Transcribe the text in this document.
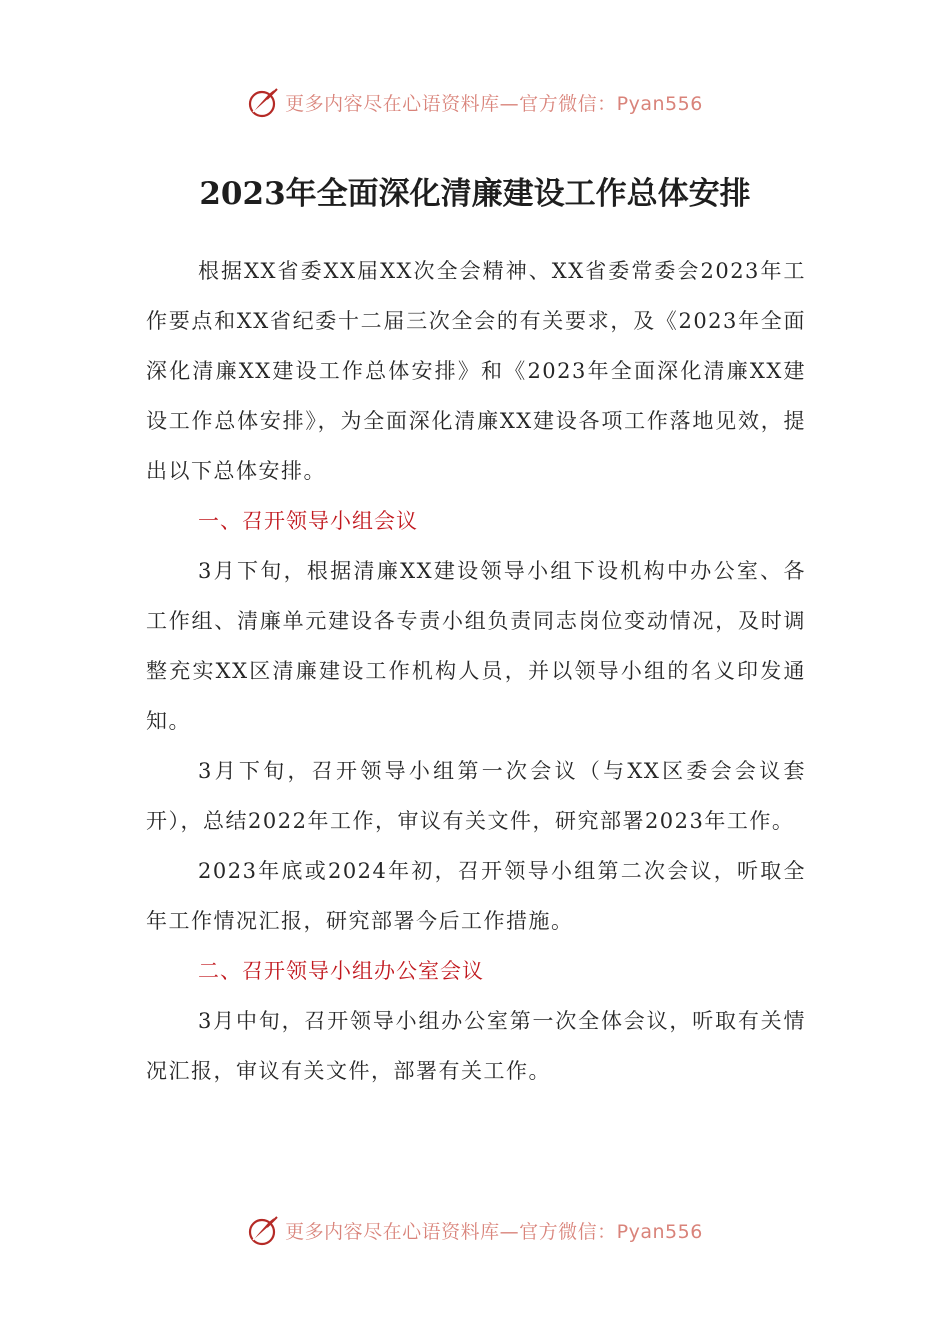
更多内容尽在心语资料库—官方微信：Pyan556
2023年全面深化清廉建设工作总体安排

根据XX省委XX届XX次全会精神、XX省委常委会2023年工作要点和XX省纪委十二届三次全会的有关要求，及《2023年全面深化清廉XX建设工作总体安排》和《2023年全面深化清廉XX建设工作总体安排》，为全面深化清廉XX建设各项工作落地见效，提出以下总体安排。

一、召开领导小组会议

3月下旬，根据清廉XX建设领导小组下设机构中办公室、各工作组、清廉单元建设各专责小组负责同志岗位变动情况，及时调整充实XX区清廉建设工作机构人员，并以领导小组的名义印发通知。

3月下旬，召开领导小组第一次会议（与XX区委会会议套开），总结2022年工作，审议有关文件，研究部署2023年工作。

2023年底或2024年初，召开领导小组第二次会议，听取全年工作情况汇报，研究部署今后工作措施。

二、召开领导小组办公室会议

3月中旬，召开领导小组办公室第一次全体会议，听取有关情况汇报，审议有关文件，部署有关工作。

更多内容尽在心语资料库—官方微信：Pyan556
